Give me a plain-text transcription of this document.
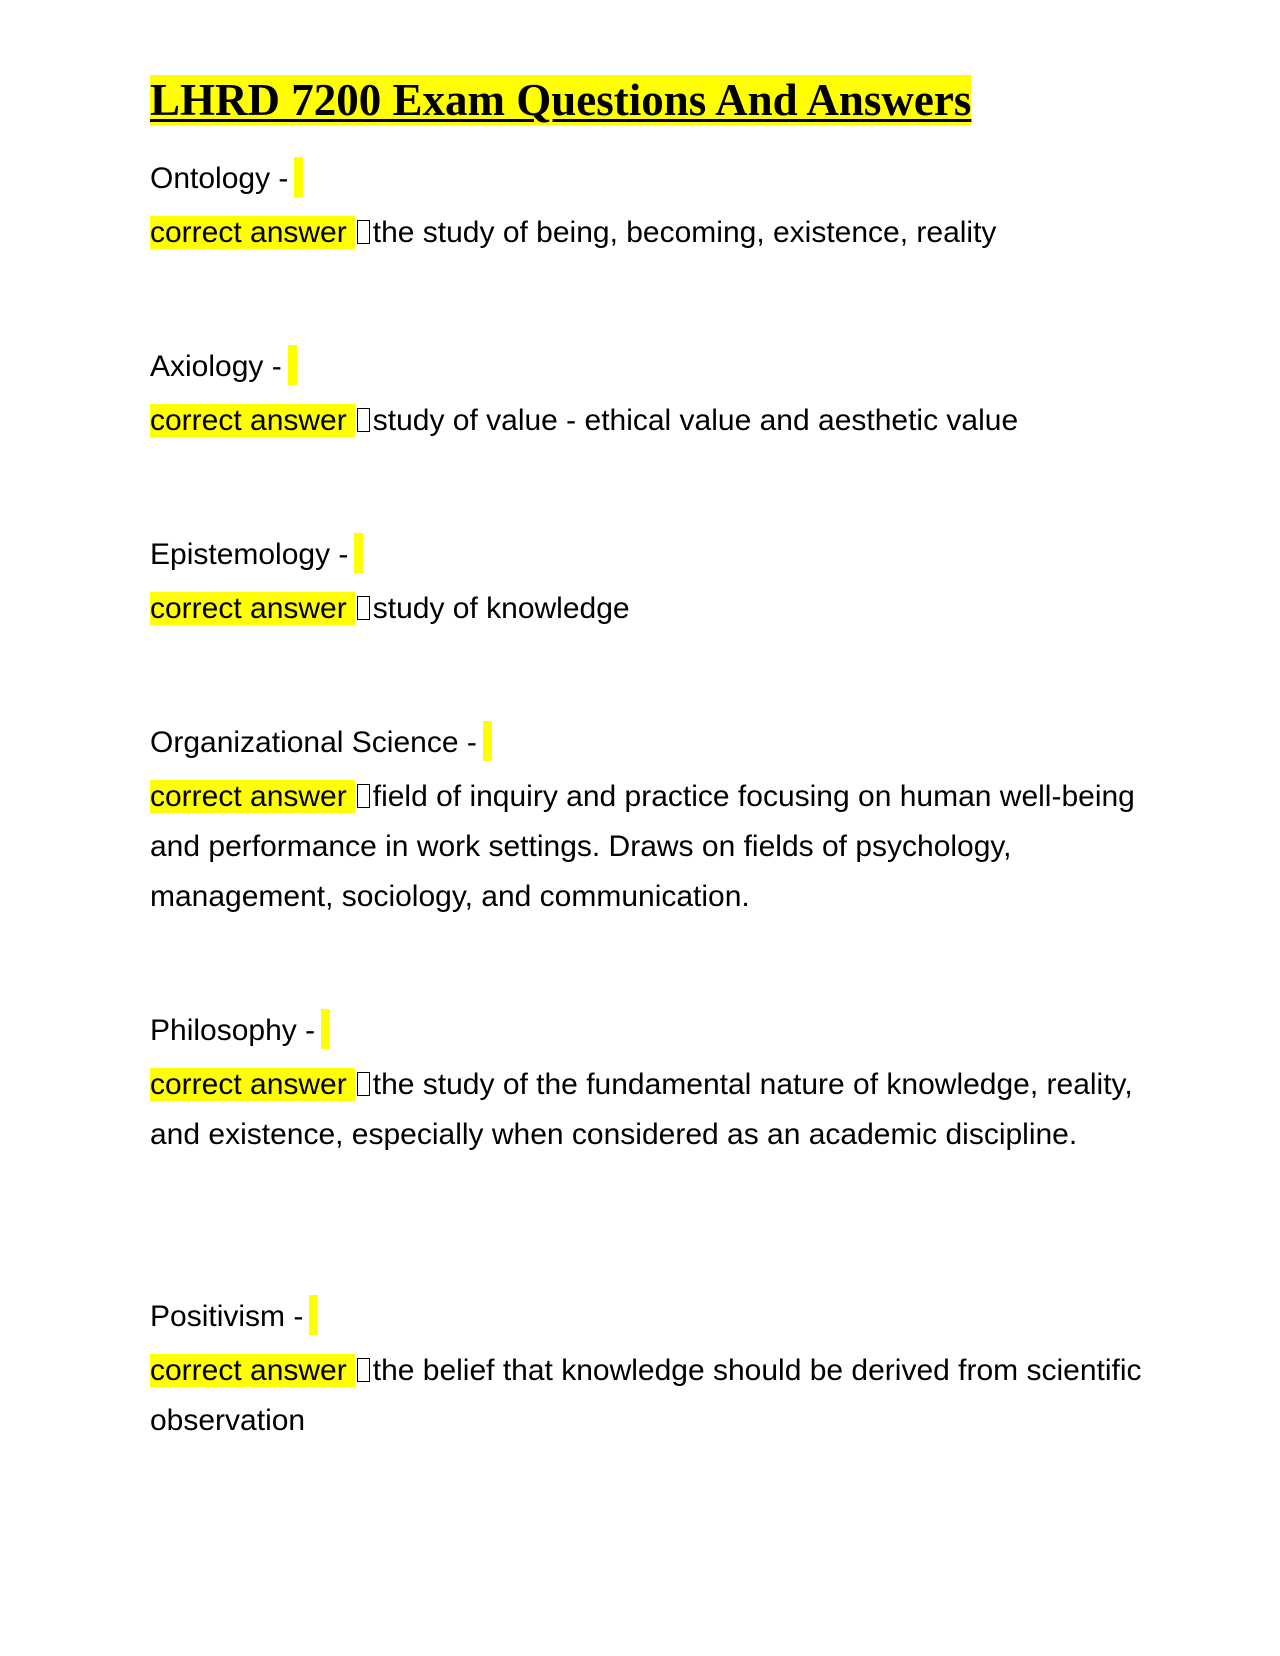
LHRD 7200 Exam Questions And Answers
Ontology -
correct answer the study of being, becoming, existence, reality
Axiology -
correct answer study of value - ethical value and aesthetic value
Epistemology -
correct answer study of knowledge
Organizational Science -
correct answer field of inquiry and practice focusing on human well-being and performance in work settings. Draws on fields of psychology, management, sociology, and communication.
Philosophy -
correct answer the study of the fundamental nature of knowledge, reality, and existence, especially when considered as an academic discipline.
Positivism -
correct answer the belief that knowledge should be derived from scientific observation
